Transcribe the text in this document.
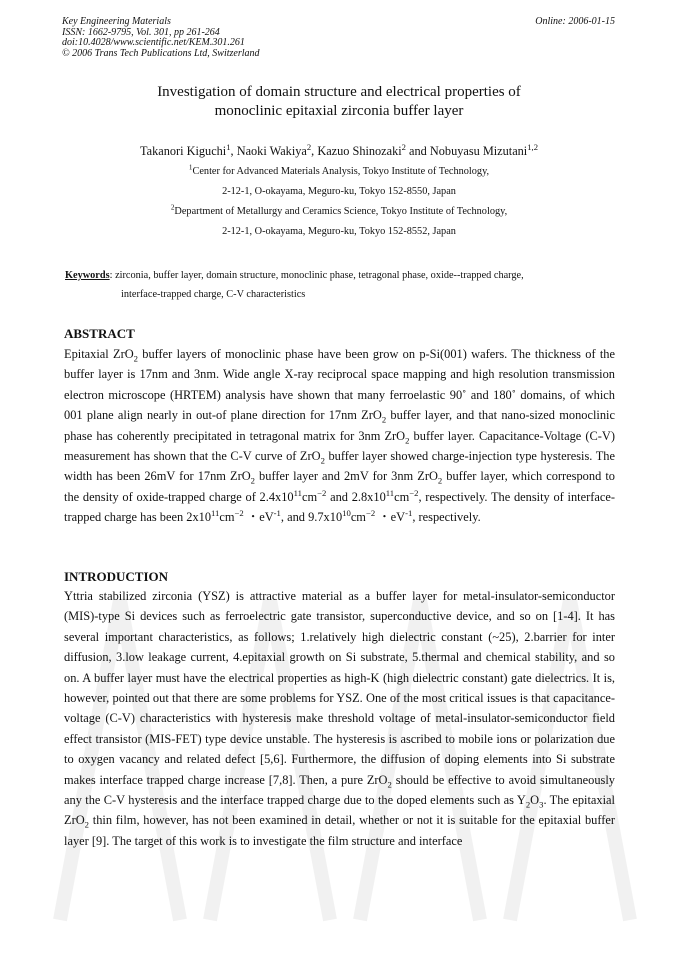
Key Engineering Materials
ISSN: 1662-9795, Vol. 301, pp 261-264
doi:10.4028/www.scientific.net/KEM.301.261
© 2006 Trans Tech Publications Ltd, Switzerland
Online: 2006-01-15
Investigation of domain structure and electrical properties of
monoclinic epitaxial zirconia buffer layer
Takanori Kiguchi$^1$, Naoki Wakiya$^2$, Kazuo Shinozaki$^2$ and Nobuyasu Mizutani$^{1,2}$
$^1$Center for Advanced Materials Analysis, Tokyo Institute of Technology,
2-12-1, O-okayama, Meguro-ku, Tokyo 152-8550, Japan
$^2$Department of Metallurgy and Ceramics Science, Tokyo Institute of Technology,
2-12-1, O-okayama, Meguro-ku, Tokyo 152-8552, Japan
Keywords: zirconia, buffer layer, domain structure, monoclinic phase, tetragonal phase, oxide--trapped charge,
interface-trapped charge, C-V characteristics
ABSTRACT
Epitaxial ZrO$_2$ buffer layers of monoclinic phase have been grow on p-Si(001) wafers. The thickness of the buffer layer is 17nm and 3nm. Wide angle X-ray reciprocal space mapping and high resolution transmission electron microscope (HRTEM) analysis have shown that many ferroelastic 90˚ and 180˚ domains, of which 001 plane align nearly in out-of plane direction for 17nm ZrO$_2$ buffer layer, and that nano-sized monoclinic phase has coherently precipitated in tetragonal matrix for 3nm ZrO$_2$ buffer layer. Capacitance-Voltage (C-V) measurement has shown that the C-V curve of ZrO$_2$ buffer layer showed charge-injection type hysteresis. The width has been 26mV for 17nm ZrO$_2$ buffer layer and 2mV for 3nm ZrO$_2$ buffer layer, which correspond to the density of oxide-trapped charge of $2.4x10^{11}cm^{-2}$ and $2.8x10^{11}cm^{-2}$, respectively. The density of interface-trapped charge has been $2x10^{11}cm^{-2}$ ・$eV^{-1}$, and $9.7x10^{10}cm^{-2}$ ・$eV^{-1}$, respectively.
INTRODUCTION
Yttria stabilized zirconia (YSZ) is attractive material as a buffer layer for metal-insulator-semiconductor (MIS)-type Si devices such as ferroelectric gate transistor, superconductive device, and so on [1-4]. It has several important characteristics, as follows; 1.relatively high dielectric constant (~25), 2.barrier for inter diffusion, 3.low leakage current, 4.epitaxial growth on Si substrate, 5.thermal and chemical stability, and so on. A buffer layer must have the electrical properties as high-K (high dielectric constant) gate dielectrics. It is, however, pointed out that there are some problems for YSZ. One of the most critical issues is that capacitance-voltage (C-V) characteristics with hysteresis make threshold voltage of metal-insulator-semiconductor field effect transistor (MIS-FET) type device unstable. The hysteresis is ascribed to mobile ions or polarization due to oxygen vacancy and related defect [5,6]. Furthermore, the diffusion of doping elements into Si substrate makes interface trapped charge increase [7,8]. Then, a pure ZrO$_2$ should be effective to avoid simultaneously any the C-V hysteresis and the interface trapped charge due to the doped elements such as $Y_2O_3$. The epitaxial ZrO$_2$ thin film, however, has not been examined in detail, whether or not it is suitable for the epitaxial buffer layer [9]. The target of this work is to investigate the film structure and interface
